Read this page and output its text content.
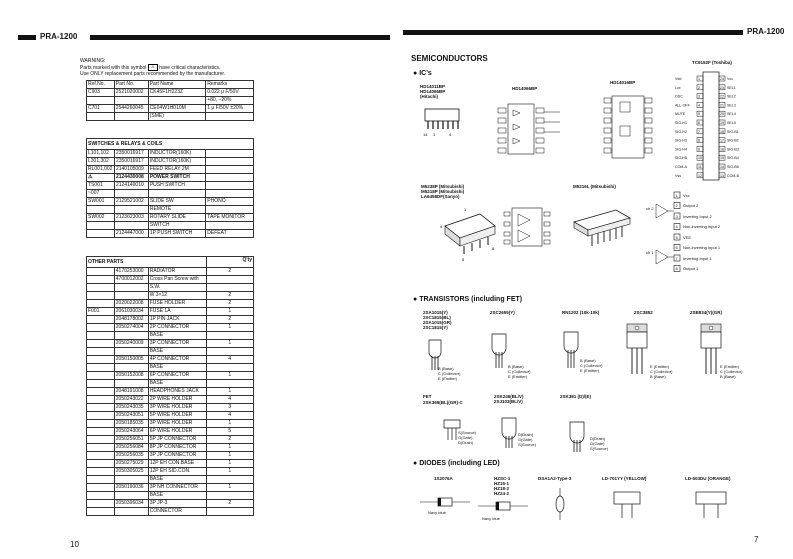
PRA-1200
PRA-1200
WARNING:
Parts marked with this symbol ⚠ have critical characteristics.
Use ONLY replacement parts recommended by the manufacturer.
Ref.No.	Part No.	Part Name	Remarks
C903	2521020002	CK45F1H223Z	0.022 μ F/50V
			+80, −20%
C701	2544260045	CE04W1H010M	1 μ F/50V ±20%
		(SME)	
SWITCHES & RELAYS & COILS			
L101,102	2350016917	INDUCTOR(160K)	
L301,302	2350016917	INDUCTOR(160K)	
RL001,002	2140105009	FEED RELAY 2M	
⚠	2124430008	POWER SWITCH	
TS001	2124149010	PUSH SWITCH	
~007			
SW001	2129521002	SLIDE SW	PHONO
		REMOTE	
SW002	2123623003	ROTARY SLIDE	TAPE MONITOR
		SWITCH	
	2124447000	1P PUSH SWITCH	DEFEAT
OTHER PARTS			Q'ty
	4170253000	RADIATOR	2
	4700012002	Cross Pan Screw with	
		S.W.	
		W 3×12	2
	2020022008	FUSE HOLDER	2
F001	2061030034	FUSE 1A	1
	2048178002	1P PIN JACK	2
	2050274004	2P CONNECTOR	1
		BASE	
	2050240009	3P CONNECTOR	1
		BASE	
	2050150005	4P CONNECTOR	4
		BASE	
	2050152008	6P CONNECTOR	1
		BASE	
	2048191008	HEADPHONES JACK	1
	2050243022	2P WIRE HOLDER	4
	2050243035	3P WIRE HOLDER	3
	2050243051	5P WIRE HOLDER	4
	2050185035	3P WIRE HOLDER	1
	2050243064	6P WIRE HOLDER	5
	2050256051	5P JP CONNECTOR	2
	2050256084	8P JP CONNECTOR	1
	2050256035	3P JP CONNECTOR	1
	2050275029	12P EH CON.BASE	1
	2050305025	12P EH SID.CON.	1
		BASE	
	2050190036	3P NH CONNECTOR	1
		BASE	
	2050396034	3P JP-3	2
		CONNECTOR	
10
7
SEMICONDUCTORS
● IC's
HD14011BP
HD14066BP
(Hitachi)
HD14066BP
HD14016BP
TC9152F (Toshiba)
14 1	4
Vdd	1	24 Vcc
Lcx	2	23 SEL1
OSC	3	22 SEL2
ALL-OFF 4	21 SEL3
MUTE	5	20 SEL4
SIG-H1	6	19 SEL5
SIG-H2	7	18 SIG-B1
SIG-H3	8	17 SIG-B2
SIG-H4	9	16 SIG-B3
SIG-H5	10	15 SIG-B4
COM-A	11	14 SIG-B5
Vss	12	13 COM-B
M5238P (Mitsubishi)
M5218P (Mitsubishi)
LA6458DF(Sanyo)
M5216L (Mitsubishi)
4
1
5
8
ch 2
ch 1
1 Vcc
2 Output 2
3 Inverting Input 2
4 Non-inverting Input 2
5 VEE
6 Non-inverting Input 1
7 Inverting Input 1
8 Output 1
● TRANSISTORS (including FET)
2SA1015(Y)
2SC1815(BL)
2SA1015(GR)
2SC1815(Y)
2SC2655(Y)	RN1202 (10k-10k)	2SC3852	2SB834(Y)(GR)
B (Base)
C (Collector)
E (Emitter)
B (Base)
C (Collector)
E (Emitter)
B (Base)
C (Collector)
E (Emitter)
E (Emitter)
C (Collector)
B (Base)
E (Emitter)
C (Collector)
B (Base)
FET
2SK369(BL)(GR)-C
2SK246(BL/V)
2SJ103(BL/V)
2SK381 (D)/(E)
S(Source)
G(Gate)
D(Drain)
D(Drain)
G(Gate)
S(Source)
D(Drain)
G(Gate)
S(Source)
● DIODES (including LED)
1S2076A	HZSC-1
HZ15-1
HZ18-2
HZ24-2
DSA1A2-Type-3	LD-701YY (YELLOW)	LD-603DU (ORANGE)
Navy blue
Navy blue
